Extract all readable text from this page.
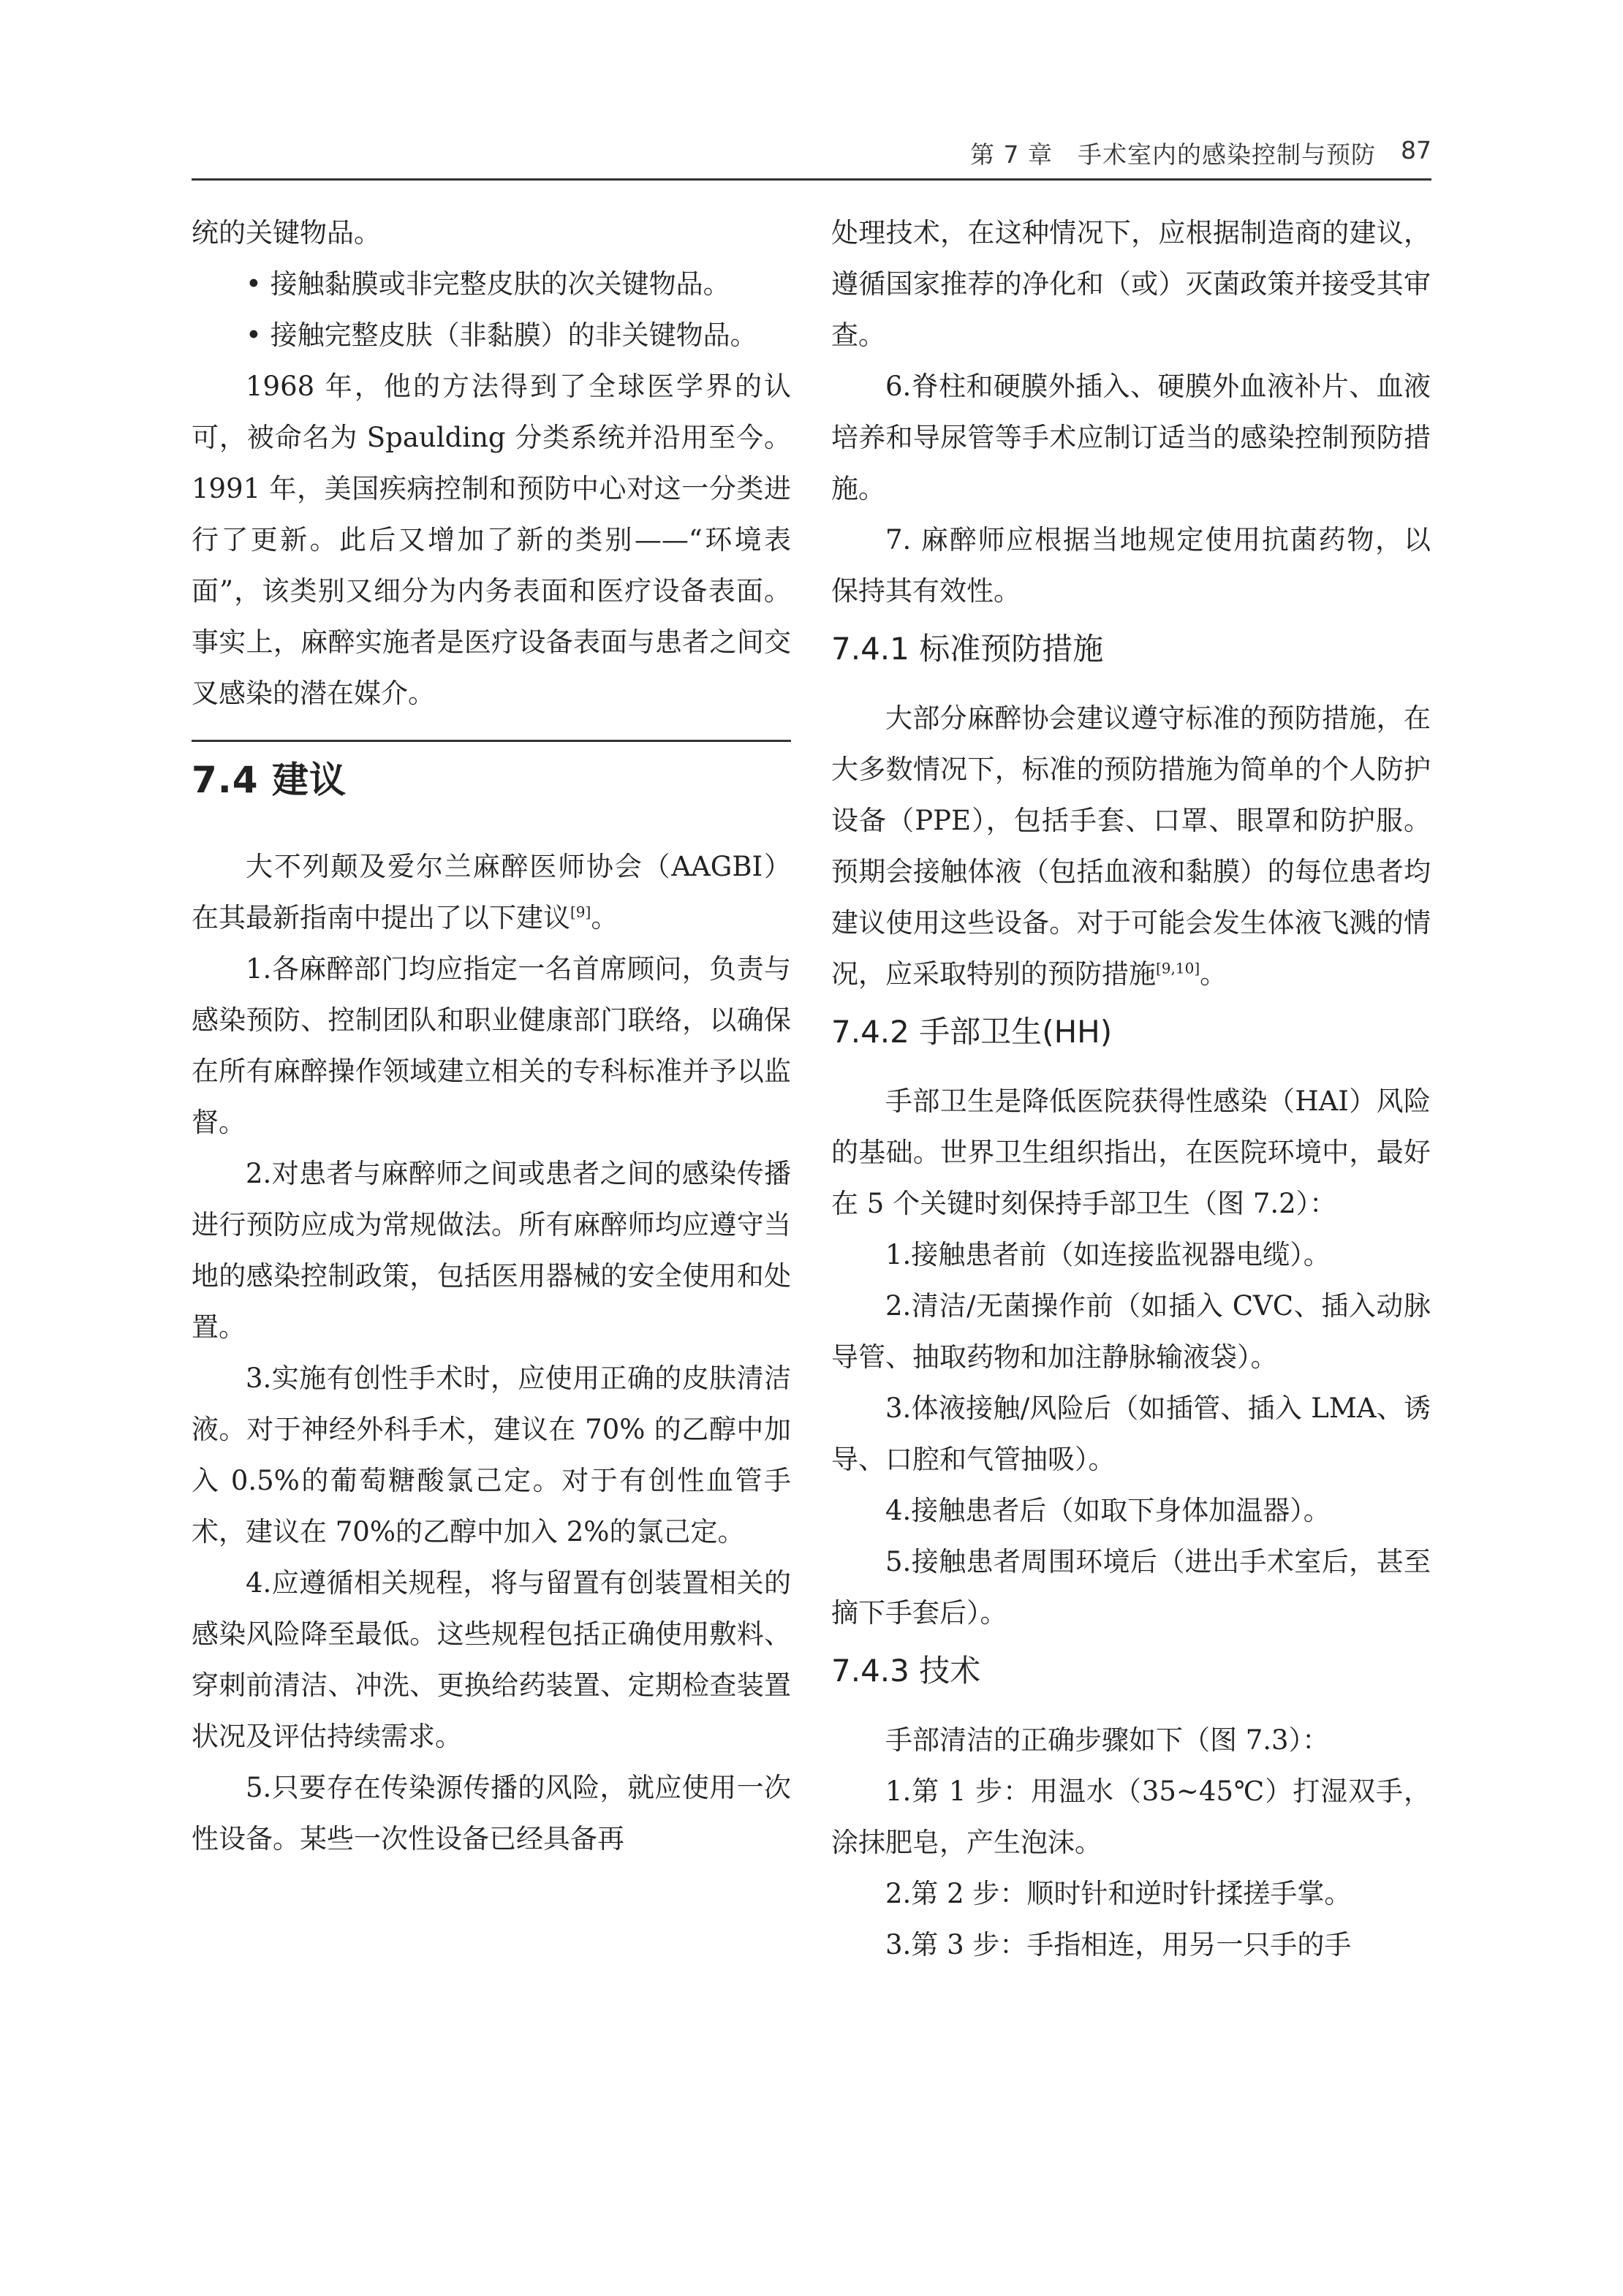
第 7 章　手术室内的感染控制与预防 87

统的关键物品。

• 接触黏膜或非完整皮肤的次关键物品。

• 接触完整皮肤（非黏膜）的非关键物品。

1968 年，他的方法得到了全球医学界的认可，被命名为 Spaulding 分类系统并沿用至今。1991 年，美国疾病控制和预防中心对这一分类进行了更新。此后又增加了新的类别——“环境表面”，该类别又细分为内务表面和医疗设备表面。事实上，麻醉实施者是医疗设备表面与患者之间交叉感染的潜在媒介。

7.4 建议

大不列颠及爱尔兰麻醉医师协会（AAGBI）在其最新指南中提出了以下建议[9]。

1.各麻醉部门均应指定一名首席顾问，负责与感染预防、控制团队和职业健康部门联络，以确保在所有麻醉操作领域建立相关的专科标准并予以监督。

2.对患者与麻醉师之间或患者之间的感染传播进行预防应成为常规做法。所有麻醉师均应遵守当地的感染控制政策，包括医用器械的安全使用和处置。

3.实施有创性手术时，应使用正确的皮肤清洁液。对于神经外科手术，建议在 70% 的乙醇中加入 0.5%的葡萄糖酸氯己定。对于有创性血管手术，建议在 70%的乙醇中加入 2%的氯己定。

4.应遵循相关规程，将与留置有创装置相关的感染风险降至最低。这些规程包括正确使用敷料、穿刺前清洁、冲洗、更换给药装置、定期检查装置状况及评估持续需求。

5.只要存在传染源传播的风险，就应使用一次性设备。某些一次性设备已经具备再

处理技术，在这种情况下，应根据制造商的建议，遵循国家推荐的净化和（或）灭菌政策并接受其审查。

6.脊柱和硬膜外插入、硬膜外血液补片、血液培养和导尿管等手术应制订适当的感染控制预防措施。

7. 麻醉师应根据当地规定使用抗菌药物，以保持其有效性。

7.4.1 标准预防措施

大部分麻醉协会建议遵守标准的预防措施，在大多数情况下，标准的预防措施为简单的个人防护设备（PPE），包括手套、口罩、眼罩和防护服。预期会接触体液（包括血液和黏膜）的每位患者均建议使用这些设备。对于可能会发生体液飞溅的情况，应采取特别的预防措施[9,10]。

7.4.2 手部卫生(HH)

手部卫生是降低医院获得性感染（HAI）风险的基础。世界卫生组织指出，在医院环境中，最好在 5 个关键时刻保持手部卫生（图 7.2）：

1.接触患者前（如连接监视器电缆）。

2.清洁/无菌操作前（如插入 CVC、插入动脉导管、抽取药物和加注静脉输液袋）。

3.体液接触/风险后（如插管、插入 LMA、诱导、口腔和气管抽吸）。

4.接触患者后（如取下身体加温器）。

5.接触患者周围环境后（进出手术室后，甚至摘下手套后）。

7.4.3 技术

手部清洁的正确步骤如下（图 7.3）：

1.第 1 步：用温水（35~45℃）打湿双手，涂抹肥皂，产生泡沫。

2.第 2 步：顺时针和逆时针揉搓手掌。

3.第 3 步：手指相连，用另一只手的手
